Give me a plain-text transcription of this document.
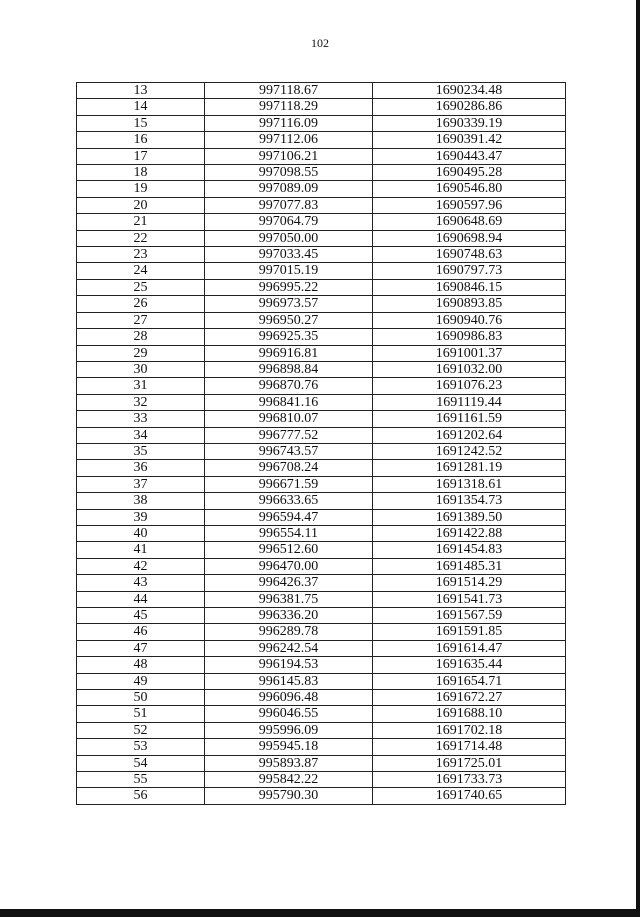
102
13	997118.67	1690234.48
14	997118.29	1690286.86
15	997116.09	1690339.19
16	997112.06	1690391.42
17	997106.21	1690443.47
18	997098.55	1690495.28
19	997089.09	1690546.80
20	997077.83	1690597.96
21	997064.79	1690648.69
22	997050.00	1690698.94
23	997033.45	1690748.63
24	997015.19	1690797.73
25	996995.22	1690846.15
26	996973.57	1690893.85
27	996950.27	1690940.76
28	996925.35	1690986.83
29	996916.81	1691001.37
30	996898.84	1691032.00
31	996870.76	1691076.23
32	996841.16	1691119.44
33	996810.07	1691161.59
34	996777.52	1691202.64
35	996743.57	1691242.52
36	996708.24	1691281.19
37	996671.59	1691318.61
38	996633.65	1691354.73
39	996594.47	1691389.50
40	996554.11	1691422.88
41	996512.60	1691454.83
42	996470.00	1691485.31
43	996426.37	1691514.29
44	996381.75	1691541.73
45	996336.20	1691567.59
46	996289.78	1691591.85
47	996242.54	1691614.47
48	996194.53	1691635.44
49	996145.83	1691654.71
50	996096.48	1691672.27
51	996046.55	1691688.10
52	995996.09	1691702.18
53	995945.18	1691714.48
54	995893.87	1691725.01
55	995842.22	1691733.73
56	995790.30	1691740.65
